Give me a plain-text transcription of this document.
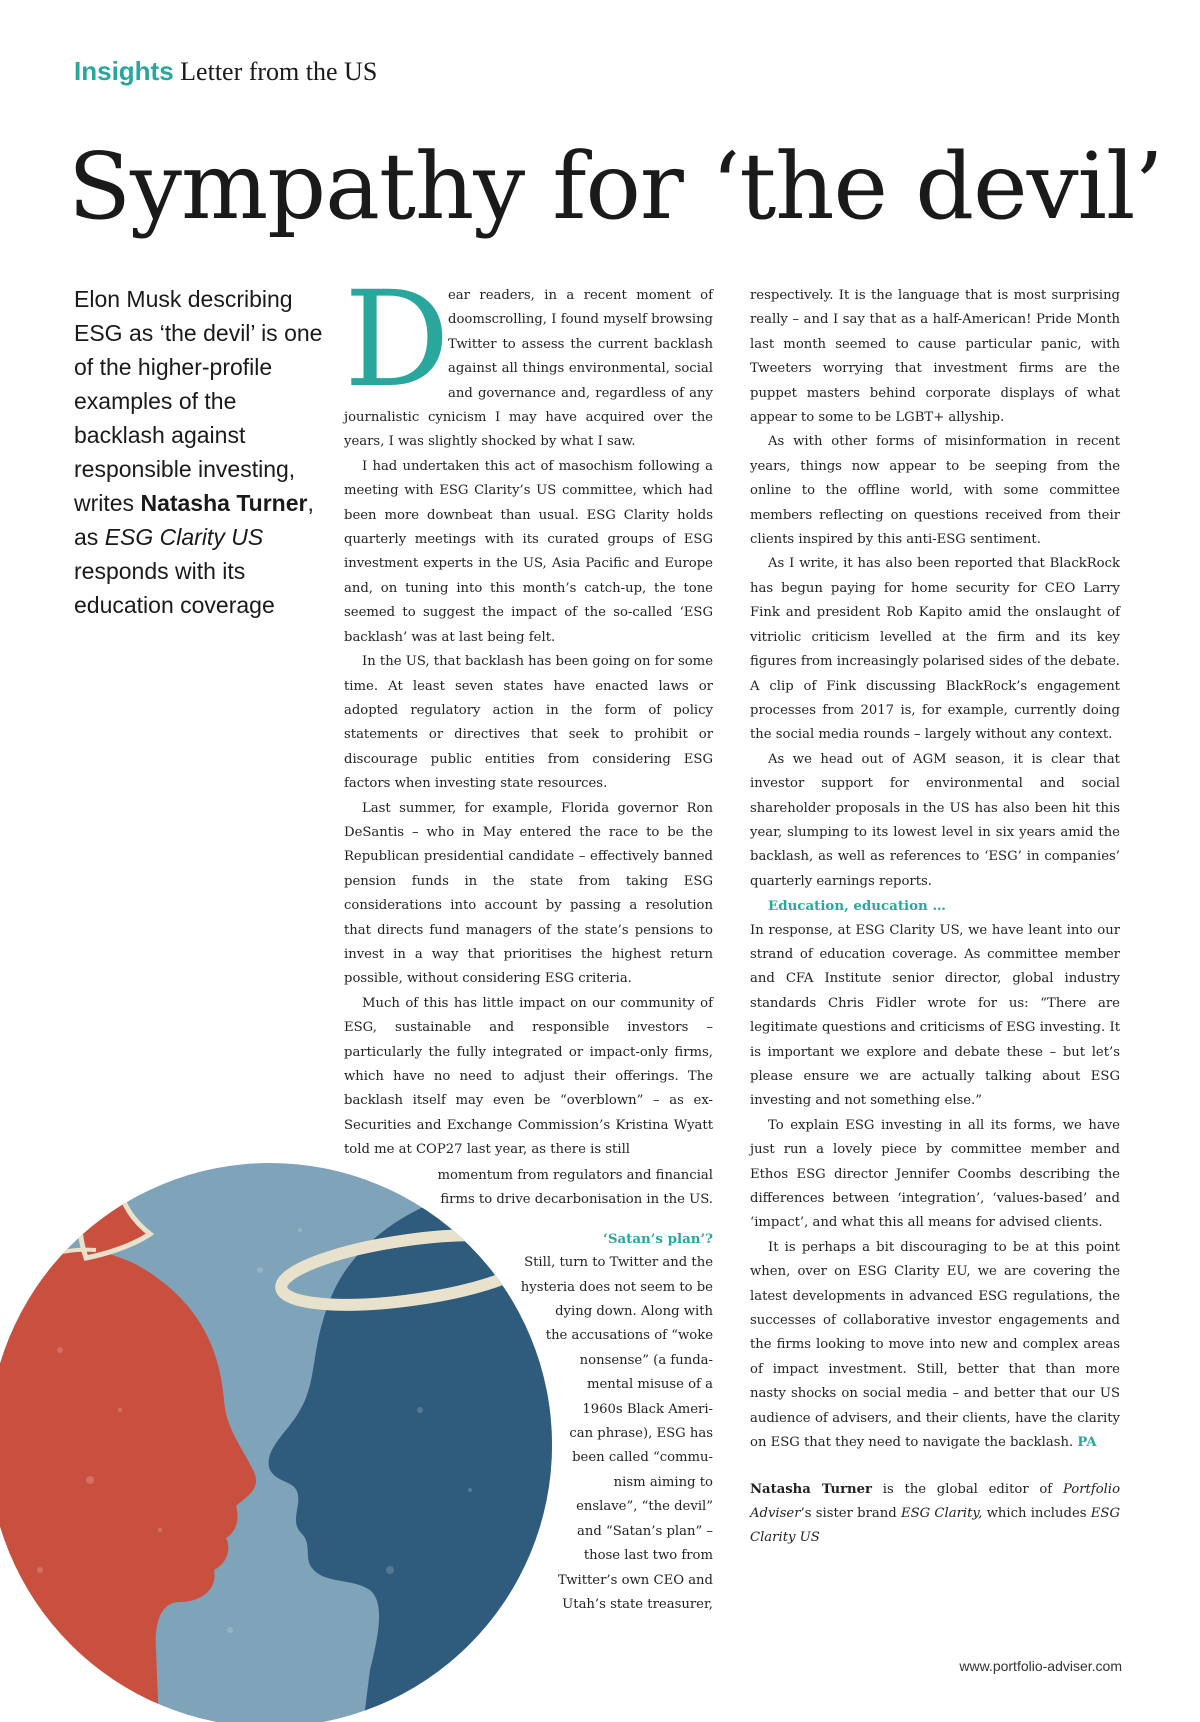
Insights Letter from the US
Sympathy for ‘the devil’
Elon Musk describing ESG as ‘the devil’ is one of the higher-profile examples of the backlash against responsible investing, writes Natasha Turner, as ESG Clarity US responds with its education coverage
D

ear readers, in a recent moment of doomscrolling, I found myself browsing Twitter to assess the current backlash against all things environmental, social and governance and, regardless of any journalistic cynicism I may have acquired over the years, I was slightly shocked by what I saw.

I had undertaken this act of masochism following a meeting with ESG Clarity’s US committee, which had been more downbeat than usual. ESG Clarity holds quarterly meetings with its curated groups of ESG investment experts in the US, Asia Pacific and Europe and, on tuning into this month’s catch-up, the tone seemed to suggest the impact of the so-called ‘ESG backlash’ was at last being felt.

In the US, that backlash has been going on for some time. At least seven states have enacted laws or adopted regulatory action in the form of policy statements or directives that seek to prohibit or discourage public entities from considering ESG factors when investing state resources.

Last summer, for example, Florida governor Ron DeSantis – who in May entered the race to be the Republican presidential candidate – effectively banned pension funds in the state from taking ESG considerations into account by passing a resolution that directs fund managers of the state’s pensions to invest in a way that prioritises the highest return possible, without considering ESG criteria.

Much of this has little impact on our community of ESG, sustainable and responsible investors – particularly the fully integrated or impact-only firms, which have no need to adjust their offerings. The backlash itself may even be “overblown” – as ex-Securities and Exchange Commission’s Kristina Wyatt told me at COP27 last year, as there is still

momentum from regulators and financial
firms to drive decarbonisation in the US.
‘Satan’s plan’?
Still, turn to Twitter and the
hysteria does not seem to be
dying down. Along with
the accusations of “woke
nonsense” (a funda-
mental misuse of a
1960s Black Ameri-
can phrase), ESG has
been called “commu-
nism aiming to
enslave”, “the devil”
and “Satan’s plan” –
those last two from
Twitter’s own CEO and
Utah’s state treasurer,

respectively. It is the language that is most surprising really – and I say that as a half-American! Pride Month last month seemed to cause particular panic, with Tweeters worrying that investment firms are the puppet masters behind corporate displays of what appear to some to be LGBT+ allyship.

As with other forms of misinformation in recent years, things now appear to be seeping from the online to the offline world, with some committee members reflecting on questions received from their clients inspired by this anti-ESG sentiment.

As I write, it has also been reported that BlackRock has begun paying for home security for CEO Larry Fink and president Rob Kapito amid the onslaught of vitriolic criticism levelled at the firm and its key figures from increasingly polarised sides of the debate. A clip of Fink discussing BlackRock’s engagement processes from 2017 is, for example, currently doing the social media rounds – largely without any context.

As we head out of AGM season, it is clear that investor support for environmental and social shareholder proposals in the US has also been hit this year, slumping to its lowest level in six years amid the backlash, as well as references to ‘ESG’ in companies’ quarterly earnings reports.

Education, education …

In response, at ESG Clarity US, we have leant into our strand of education coverage. As committee member and CFA Institute senior director, global industry standards Chris Fidler wrote for us: “There are legitimate questions and criticisms of ESG investing. It is important we explore and debate these – but let’s please ensure we are actually talking about ESG investing and not something else.”

To explain ESG investing in all its forms, we have just run a lovely piece by committee member and Ethos ESG director Jennifer Coombs describing the differences between ‘integration’, ‘values-based’ and ‘impact’, and what this all means for advised clients.

It is perhaps a bit discouraging to be at this point when, over on ESG Clarity EU, we are covering the latest developments in advanced ESG regulations, the successes of collaborative investor engagements and the firms looking to move into new and complex areas of impact investment. Still, better that than more nasty shocks on social media – and better that our US audience of advisers, and their clients, have the clarity on ESG that they need to navigate the backlash. PA

Natasha Turner is the global editor of Portfolio Adviser’s sister brand ESG Clarity, which includes ESG Clarity US

www.portfolio-adviser.com
